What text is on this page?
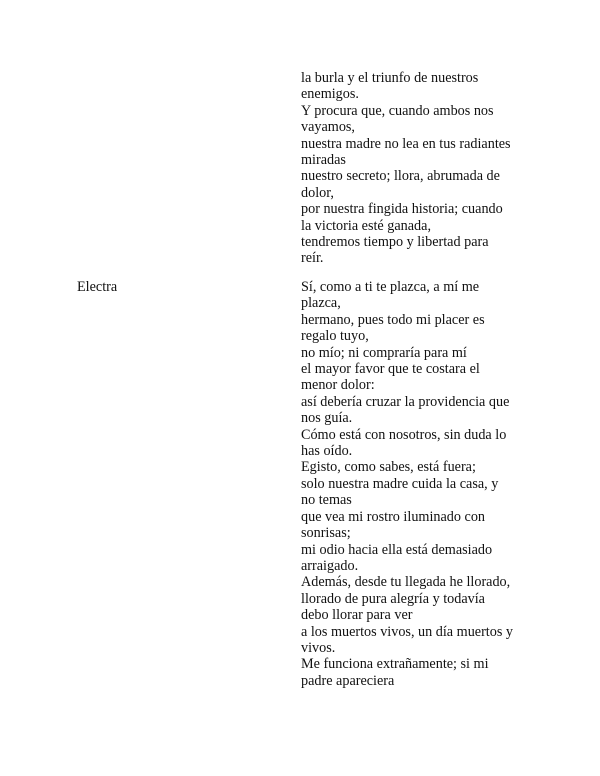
la burla y el triunfo de nuestros
enemigos.
Y procura que, cuando ambos nos
vayamos,
nuestra madre no lea en tus radiantes
miradas
nuestro secreto; llora, abrumada de
dolor,
por nuestra fingida historia; cuando
la victoria esté ganada,
tendremos tiempo y libertad para
reír.
Electra	Sí, como a ti te plazca, a mí me
plazca,
hermano, pues todo mi placer es
regalo tuyo,
no mío; ni compraría para mí
el mayor favor que te costara el
menor dolor:
así debería cruzar la providencia que
nos guía.
Cómo está con nosotros, sin duda lo
has oído.
Egisto, como sabes, está fuera;
solo nuestra madre cuida la casa, y
no temas
que vea mi rostro iluminado con
sonrisas;
mi odio hacia ella está demasiado
arraigado.
Además, desde tu llegada he llorado,
llorado de pura alegría y todavía
debo llorar para ver
a los muertos vivos, un día muertos y
vivos.
Me funciona extrañamente; si mi
padre apareciera
